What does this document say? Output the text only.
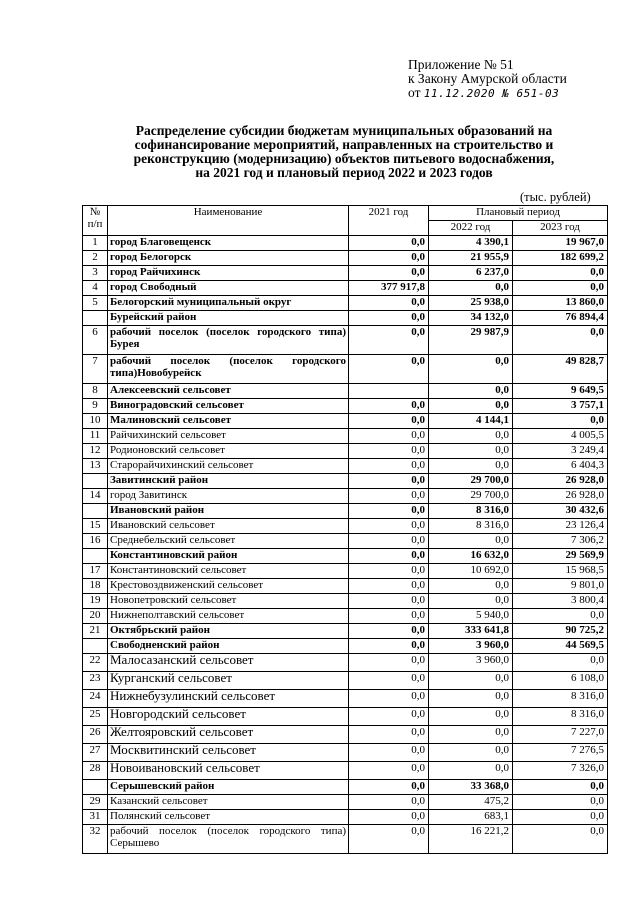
Приложение № 51
к Закону Амурской области
от 11.12.2020 № 651-03
Распределение субсидии бюджетам муниципальных образований на
софинансирование мероприятий, направленных на строительство и
реконструкцию (модернизацию) объектов питьевого водоснабжения,
на 2021 год и плановый период 2022 и 2023 годов
(тыс. рублей)
№
п/п	Наименование	2021 год	Плановый период	
			2022 год	2023 год
1	город Благовещенск	0,0	4 390,1	19 967,0
2	город Белогорск	0,0	21 955,9	182 699,2
3	город Райчихинск	0,0	6 237,0	0,0
4	город Свободный	377 917,8	0,0	0,0
5	Белогорский муниципальный округ	0,0	25 938,0	13 860,0
	Бурейский район	0,0	34 132,0	76 894,4
6	рабочий поселок (поселок городского типа) Бурея	0,0	29 987,9	0,0
7	рабочий поселок (поселок городского типа)Новобурейск	0,0	0,0	49 828,7
8	Алексеевский сельсовет		0,0	9 649,5
9	Виноградовский сельсовет	0,0	0,0	3 757,1
10	Малиновский сельсовет	0,0	4 144,1	0,0
11	Райчихинский сельсовет	0,0	0,0	4 005,5
12	Родионовский сельсовет	0,0	0,0	3 249,4
13	Старорайчихинский сельсовет	0,0	0,0	6 404,3
	Завитинский район	0,0	29 700,0	26 928,0
14	город Завитинск	0,0	29 700,0	26 928,0
	Ивановский район	0,0	8 316,0	30 432,6
15	Ивановский сельсовет	0,0	8 316,0	23 126,4
16	Среднебельский сельсовет	0,0	0,0	7 306,2
	Константиновский район	0,0	16 632,0	29 569,9
17	Константиновский сельсовет	0,0	10 692,0	15 968,5
18	Крестовоздвиженский сельсовет	0,0	0,0	9 801,0
19	Новопетровский сельсовет	0,0	0,0	3 800,4
20	Нижнеполтавский сельсовет	0,0	5 940,0	0,0
21	Октябрьский район	0,0	333 641,8	90 725,2
	Свободненский район	0,0	3 960,0	44 569,5
22	Малосазанский сельсовет	0,0	3 960,0	0,0
23	Курганский сельсовет	0,0	0,0	6 108,0
24	Нижнебузулинский сельсовет	0,0	0,0	8 316,0
25	Новгородский сельсовет	0,0	0,0	8 316,0
26	Желтояровский сельсовет	0,0	0,0	7 227,0
27	Москвитинский сельсовет	0,0	0,0	7 276,5
28	Новоивановский сельсовет	0,0	0,0	7 326,0
	Серышевский район	0,0	33 368,0	0,0
29	Казанский сельсовет	0,0	475,2	0,0
31	Полянский сельсовет	0,0	683,1	0,0
32	рабочий поселок (поселок городского типа) Серышево	0,0	16 221,2	0,0
